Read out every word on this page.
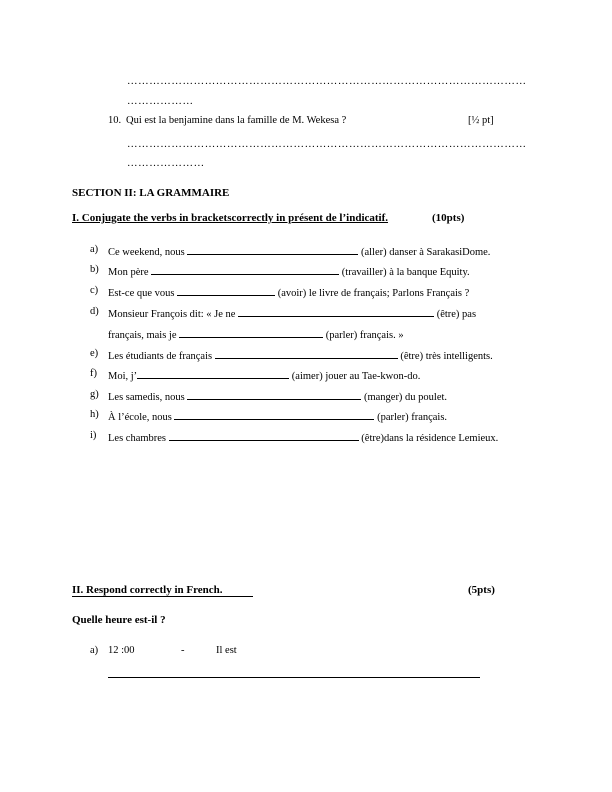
………………………………………………………………………………………………
………………
10. Qui est la benjamine dans la famille de M. Wekesa ?	[½ pt]
………………………………………………………………………………………………
…………………
SECTION II: LA GRAMMAIRE
I. Conjugate the verbs in bracketscorrectly in présent de l’indicatif.	(10pts)
a) Ce weekend, nous	(aller) danser à SarakasiDome.
b) Mon père	(travailler) à la banque Equity.
c) Est-ce que vous	(avoir) le livre de français; Parlons Français ?
d) Monsieur François dit: « Je ne	(être) pas
français, mais je	(parler) français. »
e) Les étudiants de français	(être) très intelligents.
f) Moi, j’	(aimer) jouer au Tae-kwon-do.
g) Les samedis, nous	(manger) du poulet.
h) À l’école, nous	(parler) français.
i) Les chambres	(être)dans la résidence Lemieux.
II. Respond correctly in French.	(5pts)
Quelle heure est-il ?
a) 12 :00	-	Il est
